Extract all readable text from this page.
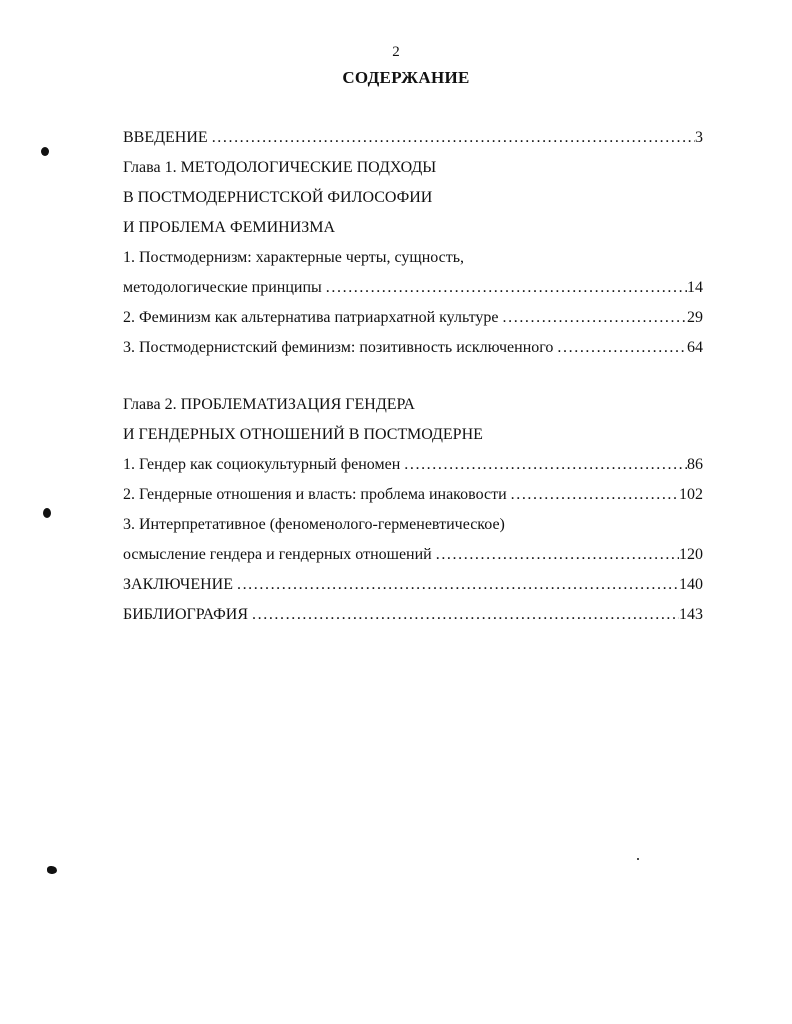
2
СОДЕРЖАНИЕ
ВВЕДЕНИЕ .....	3
Глава 1. МЕТОДОЛОГИЧЕСКИЕ ПОДХОДЫ
В ПОСТМОДЕРНИСТСКОЙ ФИЛОСОФИИ
И ПРОБЛЕМА ФЕМИНИЗМА
1. Постмодернизм: характерные черты, сущность,
методологические принципы .....	14
2. Феминизм как альтернатива патриархатной культуре .....	29
3. Постмодернистский феминизм: позитивность исключенного .....	64
Глава 2. ПРОБЛЕМАТИЗАЦИЯ ГЕНДЕРА
И ГЕНДЕРНЫХ ОТНОШЕНИЙ В ПОСТМОДЕРНЕ
1. Гендер как социокультурный феномен .....	86
2. Гендерные отношения и власть: проблема инаковости .....	102
3. Интерпретативное (феноменолого-герменевтическое)
осмысление гендера и гендерных отношений .....	120
ЗАКЛЮЧЕНИЕ .....	140
БИБЛИОГРАФИЯ .....	143
